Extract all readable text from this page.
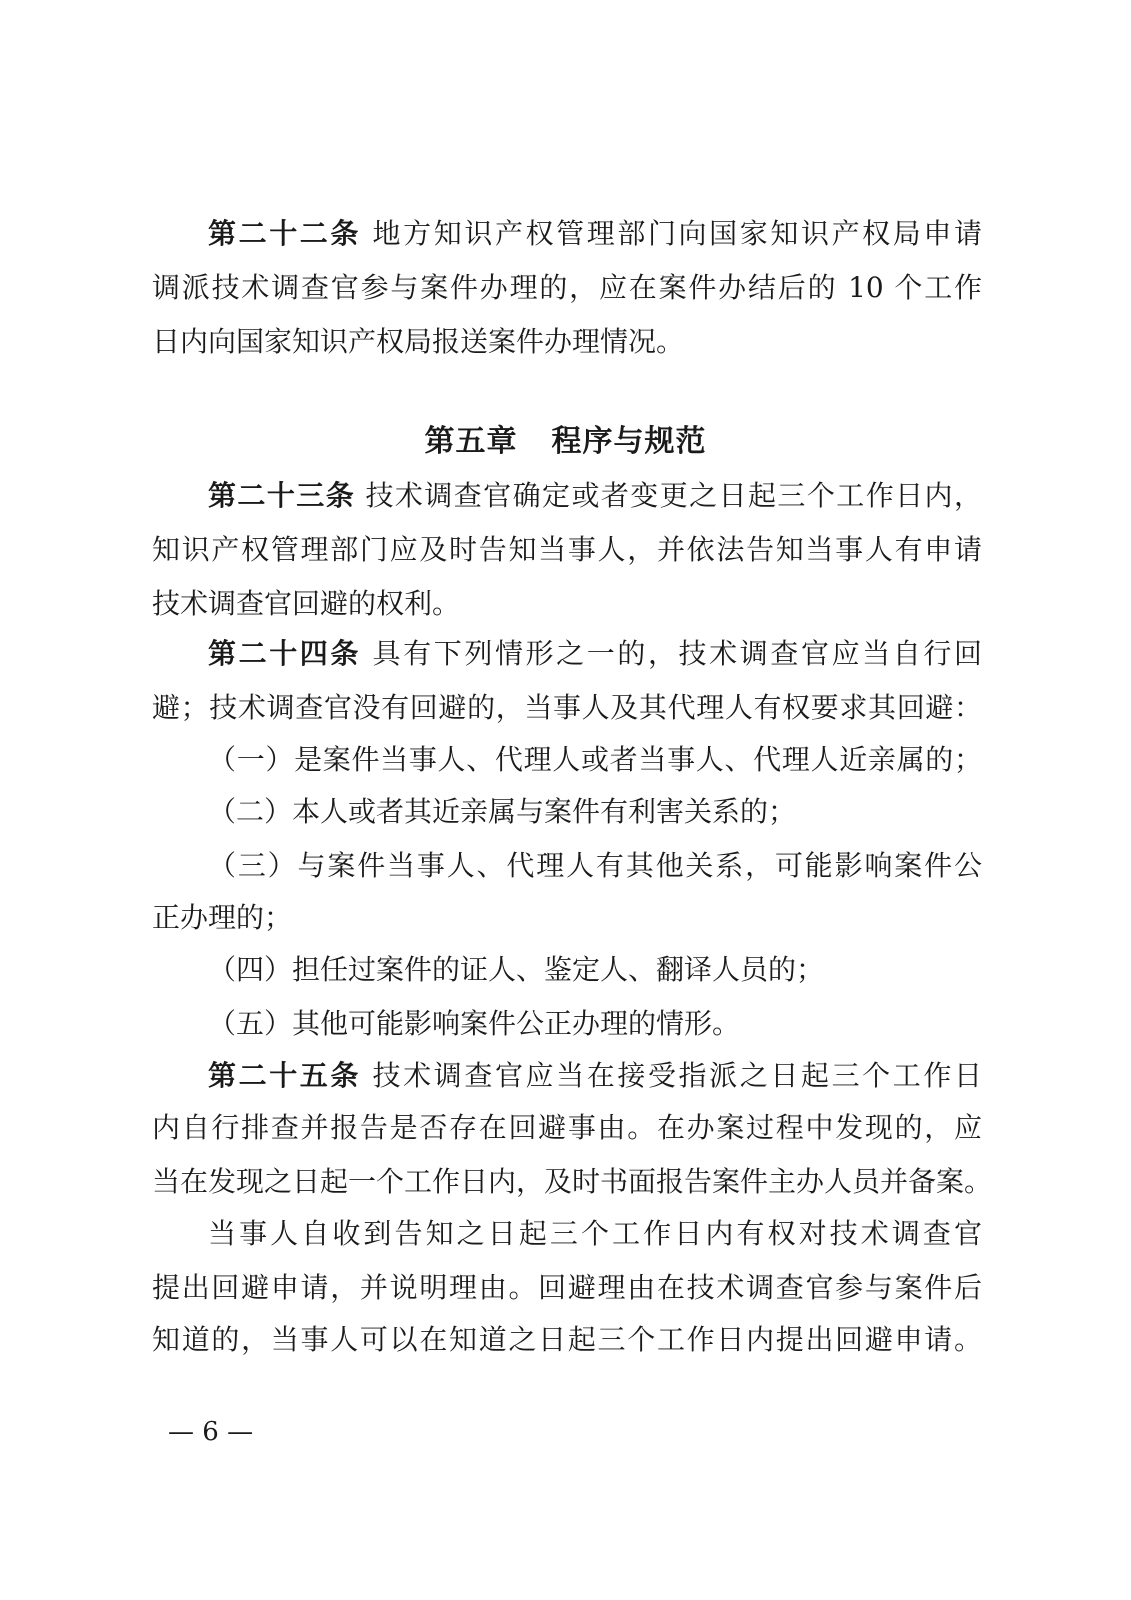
第二十二条 地方知识产权管理部门向国家知识产权局申请
调派技术调查官参与案件办理的，应在案件办结后的 10 个工作
日内向国家知识产权局报送案件办理情况。
第五章 程序与规范
第二十三条 技术调查官确定或者变更之日起三个工作日内，
知识产权管理部门应及时告知当事人，并依法告知当事人有申请
技术调查官回避的权利。
第二十四条 具有下列情形之一的，技术调查官应当自行回
避；技术调查官没有回避的，当事人及其代理人有权要求其回避：
（一）是案件当事人、代理人或者当事人、代理人近亲属的；
（二）本人或者其近亲属与案件有利害关系的；
（三）与案件当事人、代理人有其他关系，可能影响案件公
正办理的；
（四）担任过案件的证人、鉴定人、翻译人员的；
（五）其他可能影响案件公正办理的情形。
第二十五条 技术调查官应当在接受指派之日起三个工作日
内自行排查并报告是否存在回避事由。在办案过程中发现的，应
当在发现之日起一个工作日内，及时书面报告案件主办人员并备案。
当事人自收到告知之日起三个工作日内有权对技术调查官
提出回避申请，并说明理由。回避理由在技术调查官参与案件后
知道的，当事人可以在知道之日起三个工作日内提出回避申请。
— 6 —
